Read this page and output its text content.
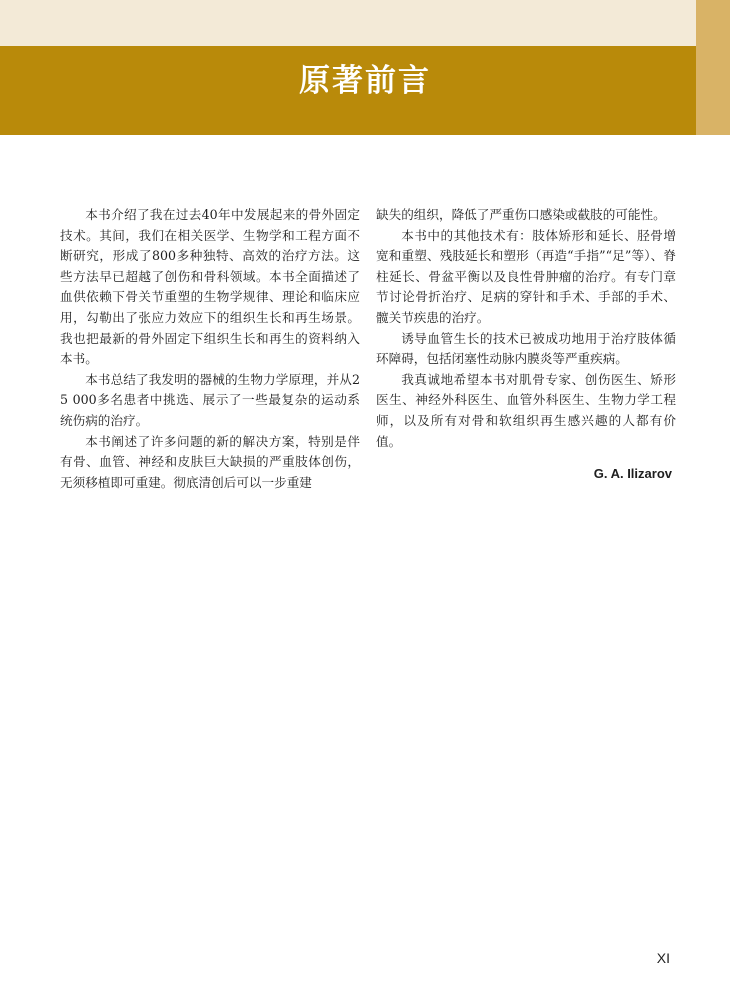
原著前言

本书介绍了我在过去40年中发展起来的骨外固定技术。其间，我们在相关医学、生物学和工程方面不断研究，形成了800多种独特、高效的治疗方法。这些方法早已超越了创伤和骨科领域。本书全面描述了血供依赖下骨关节重塑的生物学规律、理论和临床应用，勾勒出了张应力效应下的组织生长和再生场景。我也把最新的骨外固定下组织生长和再生的资料纳入本书。

本书总结了我发明的器械的生物力学原理，并从25 000多名患者中挑选、展示了一些最复杂的运动系统伤病的治疗。

本书阐述了许多问题的新的解决方案，特别是伴有骨、血管、神经和皮肤巨大缺损的严重肢体创伤，无须移植即可重建。彻底清创后可以一步重建

缺失的组织，降低了严重伤口感染或截肢的可能性。

本书中的其他技术有：肢体矫形和延长、胫骨增宽和重塑、残肢延长和塑形（再造“手指”“足”等）、脊柱延长、骨盆平衡以及良性骨肿瘤的治疗。有专门章节讨论骨折治疗、足病的穿针和手术、手部的手术、髋关节疾患的治疗。

诱导血管生长的技术已被成功地用于治疗肢体循环障碍，包括闭塞性动脉内膜炎等严重疾病。

我真诚地希望本书对肌骨专家、创伤医生、矫形医生、神经外科医生、血管外科医生、生物力学工程师，以及所有对骨和软组织再生感兴趣的人都有价值。

G. A. Ilizarov
XI
